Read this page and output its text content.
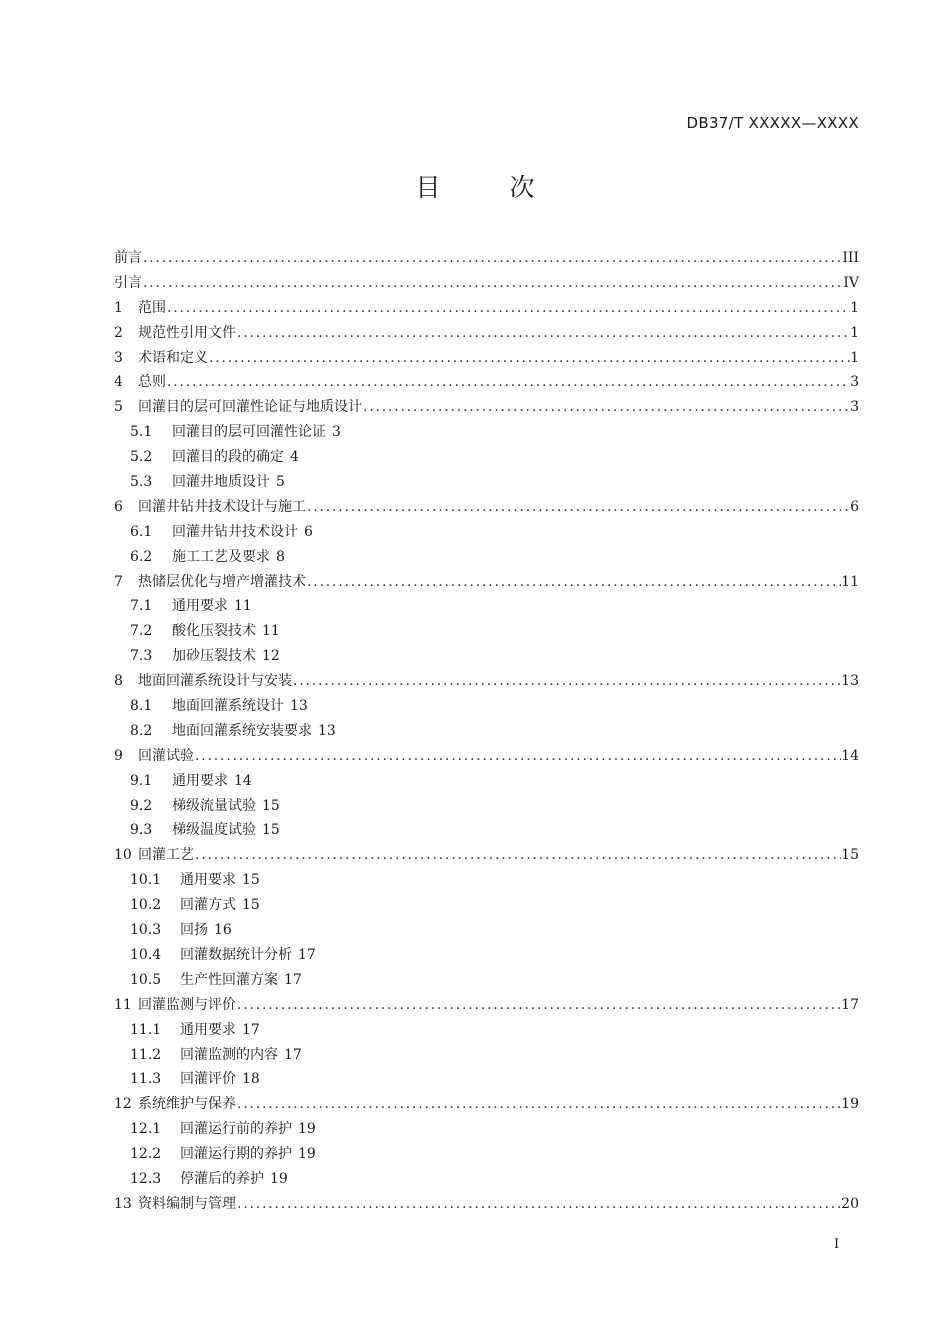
DB37/T XXXXX—XXXX
目　次
前言 .....	III
引言 .....	IV
1	范围 .....	1
2	规范性引用文件 .....	1
3	术语和定义 .....	1
4	总则 .....	3
5	回灌目的层可回灌性论证与地质设计 .....	3
5.1	回灌目的层可回灌性论证 3
5.2	回灌目的段的确定 4
5.3	回灌井地质设计 5
6	回灌井钻井技术设计与施工 .....	6
6.1	回灌井钻井技术设计 6
6.2	施工工艺及要求 8
7	热储层优化与增产增灌技术 .....	11
7.1	通用要求 11
7.2	酸化压裂技术 11
7.3	加砂压裂技术 12
8	地面回灌系统设计与安装 .....	13
8.1	地面回灌系统设计 13
8.2	地面回灌系统安装要求 13
9	回灌试验 .....	14
9.1	通用要求 14
9.2	梯级流量试验 15
9.3	梯级温度试验 15
10 回灌工艺 .....	15
10.1	通用要求 15
10.2	回灌方式 15
10.3	回扬 16
10.4	回灌数据统计分析 17
10.5	生产性回灌方案 17
11 回灌监测与评价 .....	17
11.1	通用要求 17
11.2	回灌监测的内容 17
11.3	回灌评价 18
12 系统维护与保养 .....	19
12.1	回灌运行前的养护 19
12.2	回灌运行期的养护 19
12.3	停灌后的养护 19
13 资料编制与管理 .....	20
I
